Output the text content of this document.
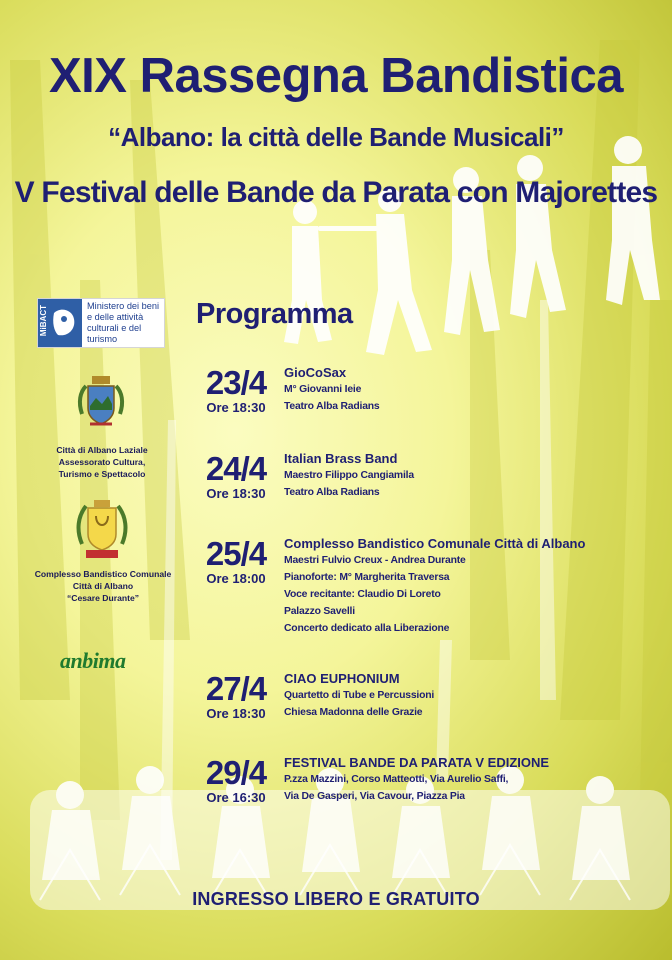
XIX Rassegna Bandistica
“Albano: la città delle Bande Musicali”
V Festival delle Bande da Parata con Majorettes
MiBACT	Ministero dei beni e delle attività culturali e del turismo
Città di Albano Laziale
Assessorato Cultura,
Turismo e Spettacolo
Complesso Bandistico Comunale
Città di Albano
“Cesare Durante”
anbima
Programma
23/4
Ore 18:30
GioCoSax
M° Giovanni Ieie
Teatro Alba Radians
24/4
Ore 18:30
Italian Brass Band
Maestro Filippo Cangiamila
Teatro Alba Radians
25/4
Ore 18:00
Complesso Bandistico Comunale Città di Albano
Maestri Fulvio Creux - Andrea Durante
Pianoforte: M° Margherita Traversa
Voce recitante: Claudio Di Loreto
Palazzo Savelli
Concerto dedicato alla Liberazione
27/4
Ore 18:30
CIAO EUPHONIUM
Quartetto di Tube e Percussioni
Chiesa Madonna delle Grazie
29/4
Ore 16:30
FESTIVAL BANDE DA PARATA V EDIZIONE
P.zza Mazzini, Corso Matteotti, Via Aurelio Saffi,
Via De Gasperi, Via Cavour, Piazza Pia
INGRESSO LIBERO E GRATUITO
